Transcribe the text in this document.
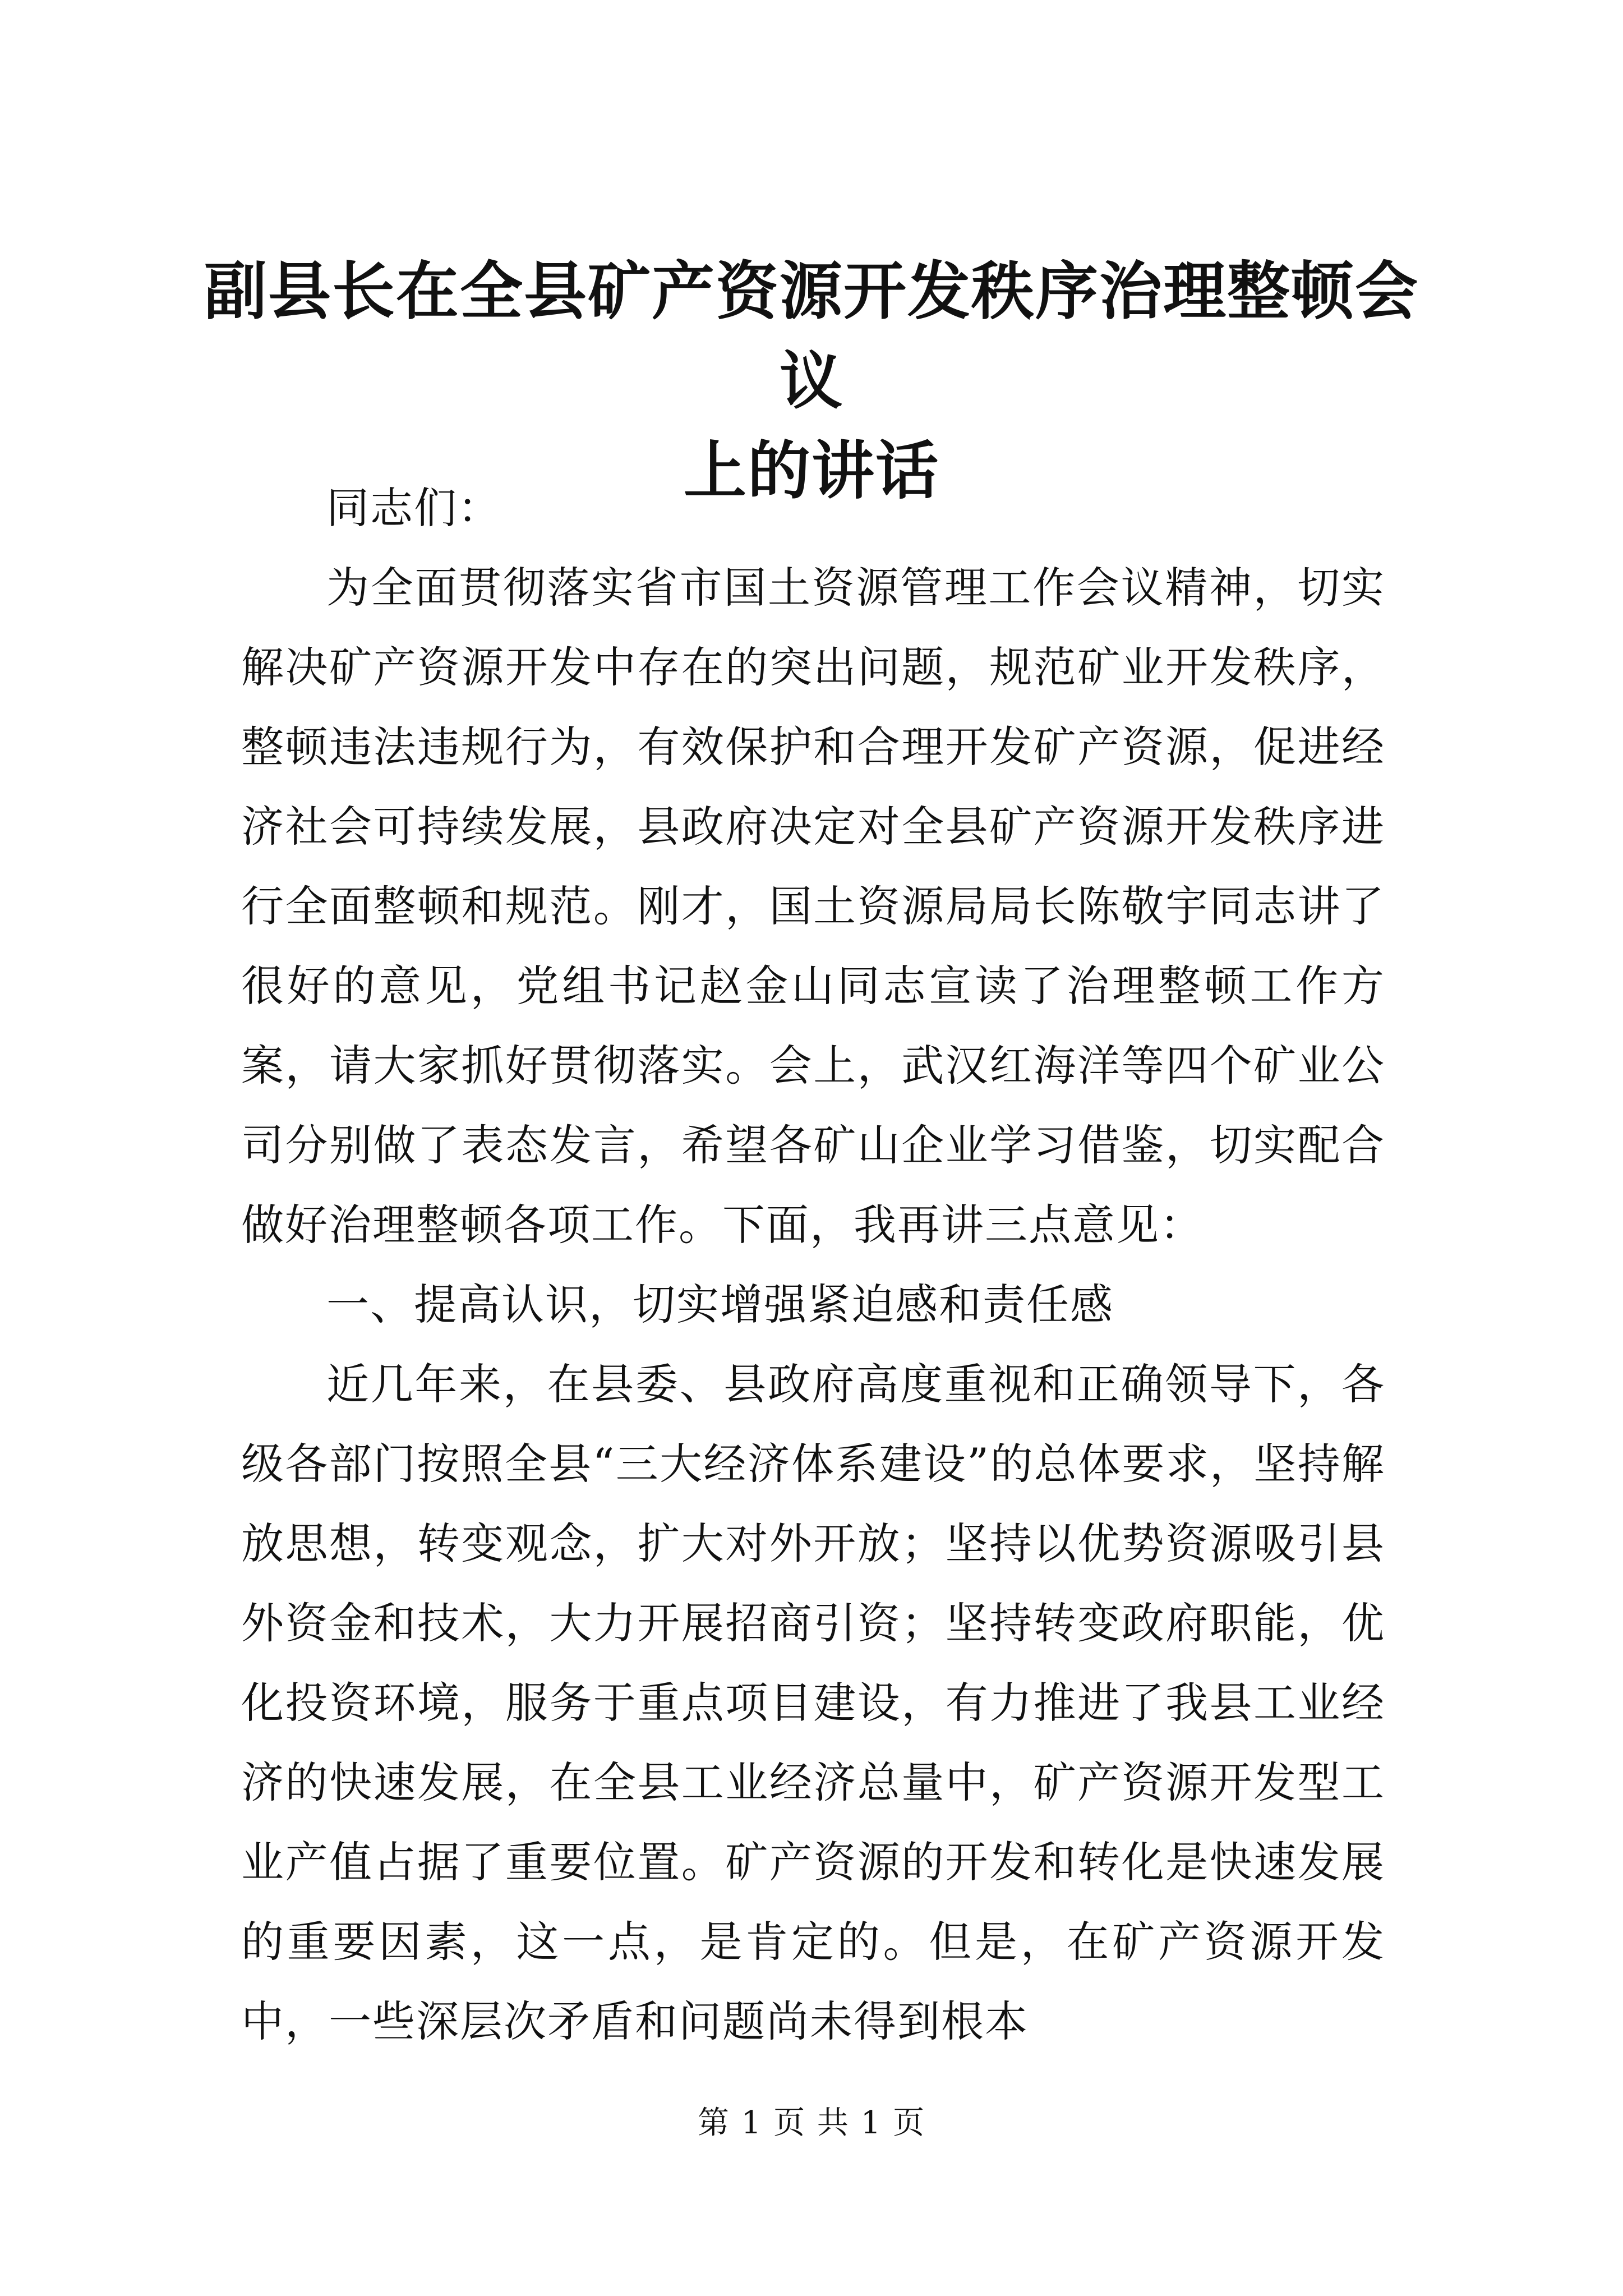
副县长在全县矿产资源开发秩序治理整顿会议
上的讲话

同志们：

为全面贯彻落实省市国土资源管理工作会议精神，切实解决矿产资源开发中存在的突出问题，规范矿业开发秩序，整顿违法违规行为，有效保护和合理开发矿产资源，促进经济社会可持续发展，县政府决定对全县矿产资源开发秩序进行全面整顿和规范。刚才，国土资源局局长陈敬宇同志讲了很好的意见，党组书记赵金山同志宣读了治理整顿工作方案，请大家抓好贯彻落实。会上，武汉红海洋等四个矿业公司分别做了表态发言，希望各矿山企业学习借鉴，切实配合做好治理整顿各项工作。下面，我再讲三点意见：

一、提高认识，切实增强紧迫感和责任感

近几年来，在县委、县政府高度重视和正确领导下，各级各部门按照全县“三大经济体系建设”的总体要求，坚持解放思想，转变观念，扩大对外开放；坚持以优势资源吸引县外资金和技术，大力开展招商引资；坚持转变政府职能，优化投资环境，服务于重点项目建设，有力推进了我县工业经济的快速发展，在全县工业经济总量中，矿产资源开发型工业产值占据了重要位置。矿产资源的开发和转化是快速发展的重要因素，这一点，是肯定的。但是，在矿产资源开发中，一些深层次矛盾和问题尚未得到根本

第 1 页 共 1 页
